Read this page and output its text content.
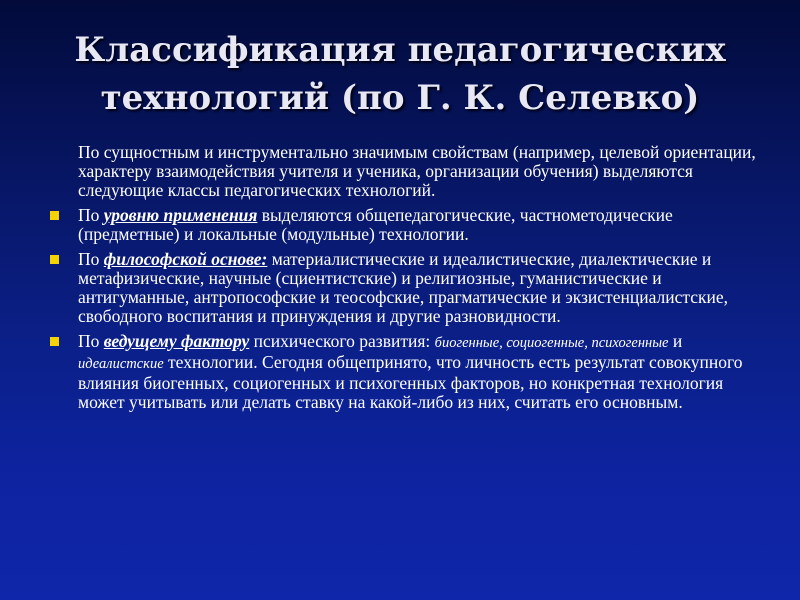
Классификация педагогических
технологий (по Г. К. Селевко)

По сущностным и инструментально значимым свойствам (например, целевой ориентации, характеру взаимодействия учителя и ученика, организации обучения) выделяются следующие классы педагогических технологий.

По уровню применения выделяются общепедагогические, частнометодические (предметные) и локальные (модульные) технологии.

По философской основе: материалистические и идеалистические, диалектические и метафизические, научные (сциентистские) и религиозные, гуманистические и антигуманные, антропософские и теософские, прагматические и экзистенциалистские, свободного воспитания и принуждения и другие разновидности.

По ведущему фактору психического развития: биогенные, социогенные, психогенные и идеалистские технологии. Сегодня общепринято, что личность есть результат совокупного влияния биогенных, социогенных и психогенных факторов, но конкретная технология может учитывать или делать ставку на какой-либо из них, считать его основным.
